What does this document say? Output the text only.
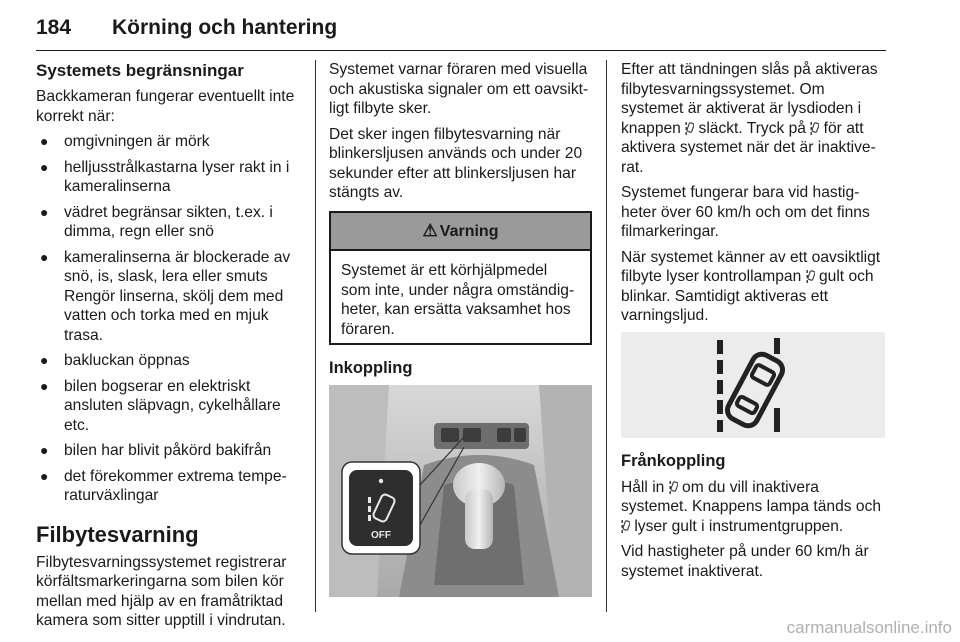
184 Körning och hantering
Systemets begränsningar

Backkameran fungerar eventuellt inte korrekt när:

● omgivningen är mörk
● helljusstrålkastarna lyser rakt in i kameralinserna
● vädret begränsar sikten, t.ex. i dimma, regn eller snö
● kameralinserna är blockerade av snö, is, slask, lera eller smuts Rengör linserna, skölj dem med vatten och torka med en mjuk trasa.
● bakluckan öppnas
● bilen bogserar en elektriskt ansluten släpvagn, cykelhållare etc.
● bilen har blivit påkörd bakifrån
● det förekommer extrema tempe-raturväxlingar
Filbytesvarning

Filbytesvarningssystemet registrerar körfältsmarkeringarna som bilen kör mellan med hjälp av en framåtriktad kamera som sitter upptill i vindrutan.

Systemet varnar föraren med visuella och akustiska signaler om ett oavsikt-ligt filbyte sker.

Det sker ingen filbytesvarning när blinkersljusen används och under 20 sekunder efter att blinkersljusen har stängts av.

⚠ Varning
Systemet är ett körhjälpmedel som inte, under några omständig-heter, kan ersätta vaksamhet hos föraren.
Inkoppling
OFF

Efter att tändningen slås på aktiveras filbytesvarningssystemet. Om systemet är aktiverat är lysdioden i knappen släckt. Tryck på för att aktivera systemet när det är inaktive-rat.

Systemet fungerar bara vid hastig-heter över 60 km/h och om det finns filmarkeringar.

När systemet känner av ett oavsiktligt filbyte lyser kontrollampan gult och blinkar. Samtidigt aktiveras ett varningsljud.

Frånkoppling

Håll in om du vill inaktivera systemet. Knappens lampa tänds och  lyser gult i instrumentgruppen.

Vid hastigheter på under 60 km/h är systemet inaktiverat.

carmanualsonline.info
